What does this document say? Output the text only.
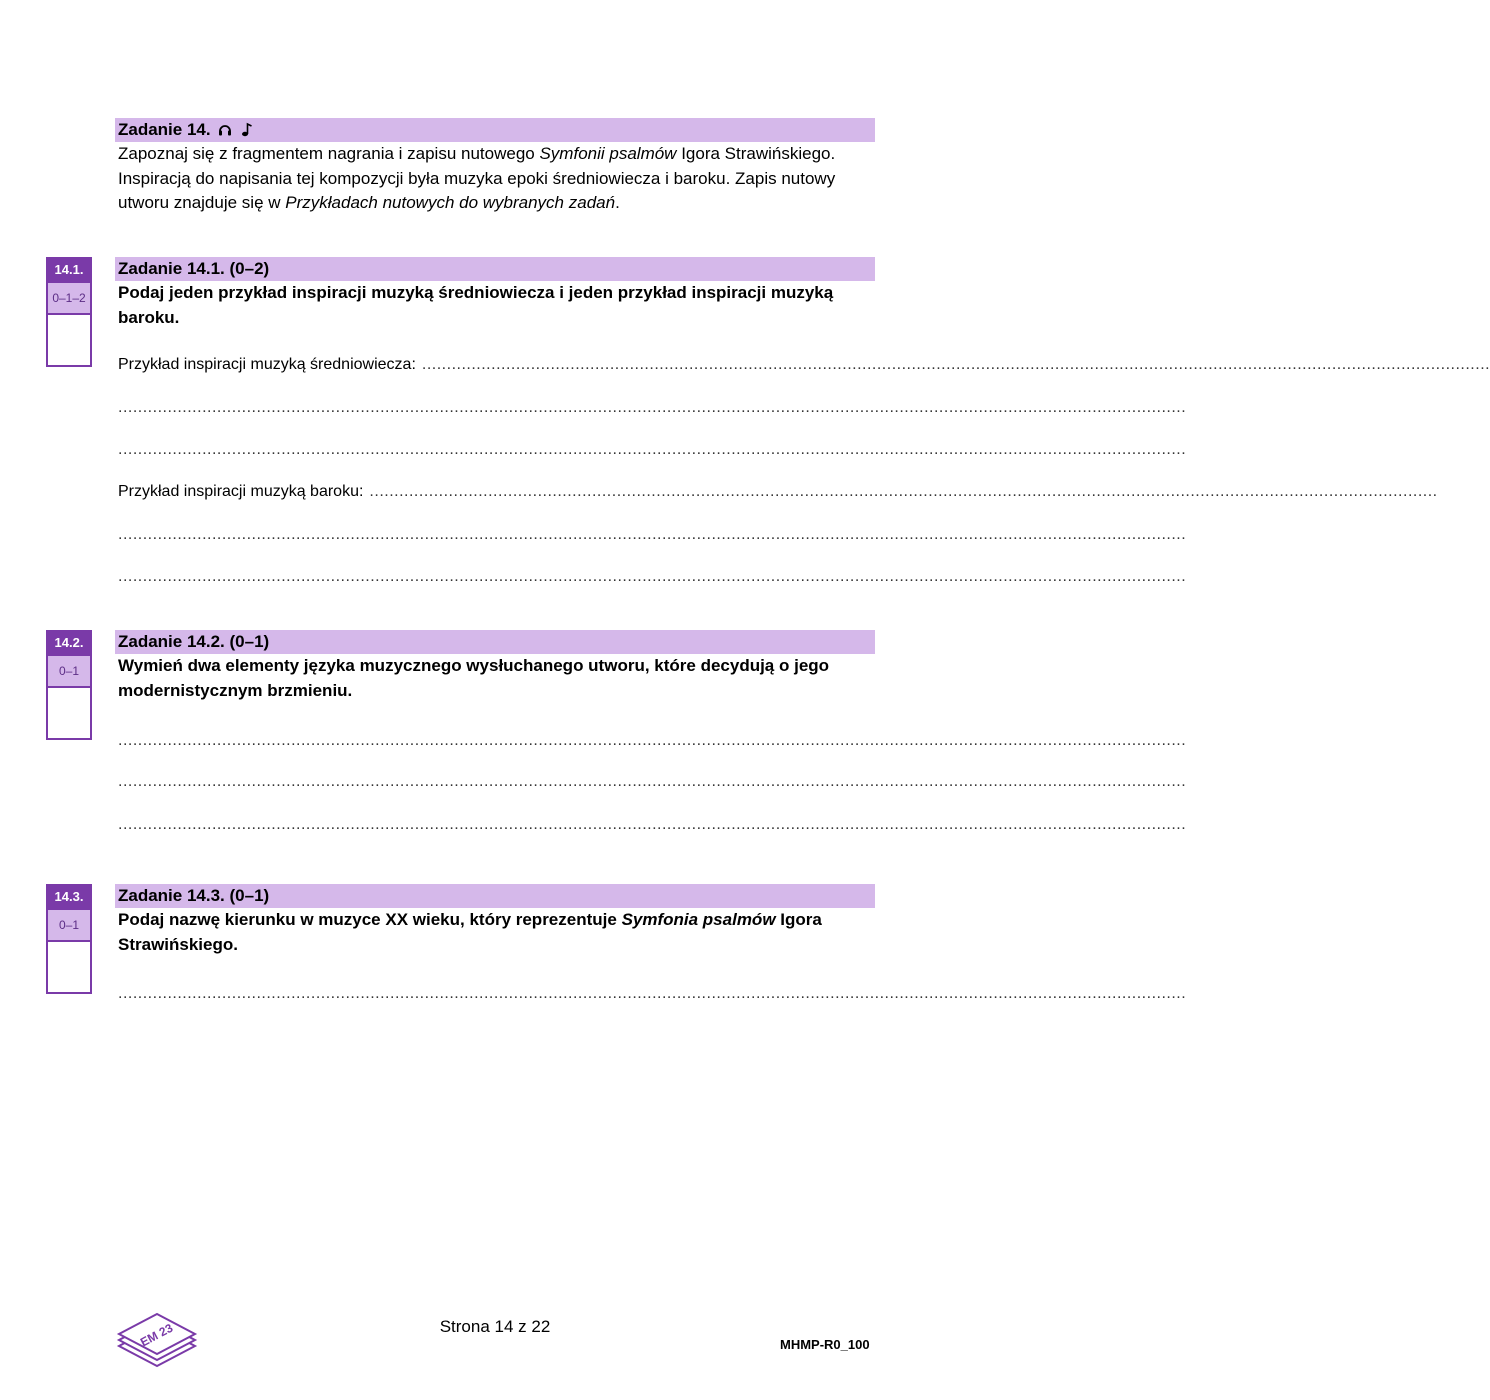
Zadanie 14.
Zapoznaj się z fragmentem nagrania i zapisu nutowego Symfonii psalmów Igora Strawińskiego. Inspiracją do napisania tej kompozycji była muzyka epoki średniowiecza i baroku. Zapis nutowy utworu znajduje się w Przykładach nutowych do wybranych zadań.
14.1.
0–1–2
Zadanie 14.1. (0–2)
Podaj jeden przykład inspiracji muzyką średniowiecza i jeden przykład inspiracji muzyką baroku.
Przykład inspiracji muzyką średniowiecza: ........................................................................................................................................................................................................................
........................................................................................................................................................................................................................
........................................................................................................................................................................................................................
Przykład inspiracji muzyką baroku: ........................................................................................................................................................................................................................
........................................................................................................................................................................................................................
........................................................................................................................................................................................................................
14.2.
0–1
Zadanie 14.2. (0–1)
Wymień dwa elementy języka muzycznego wysłuchanego utworu, które decydują o jego modernistycznym brzmieniu.
........................................................................................................................................................................................................................
........................................................................................................................................................................................................................
........................................................................................................................................................................................................................
14.3.
0–1
Zadanie 14.3. (0–1)
Podaj nazwę kierunku w muzyce XX wieku, który reprezentuje Symfonia psalmów Igora Strawińskiego.
........................................................................................................................................................................................................................
EM 23	Strona 14 z 22
MHMP-R0_100
